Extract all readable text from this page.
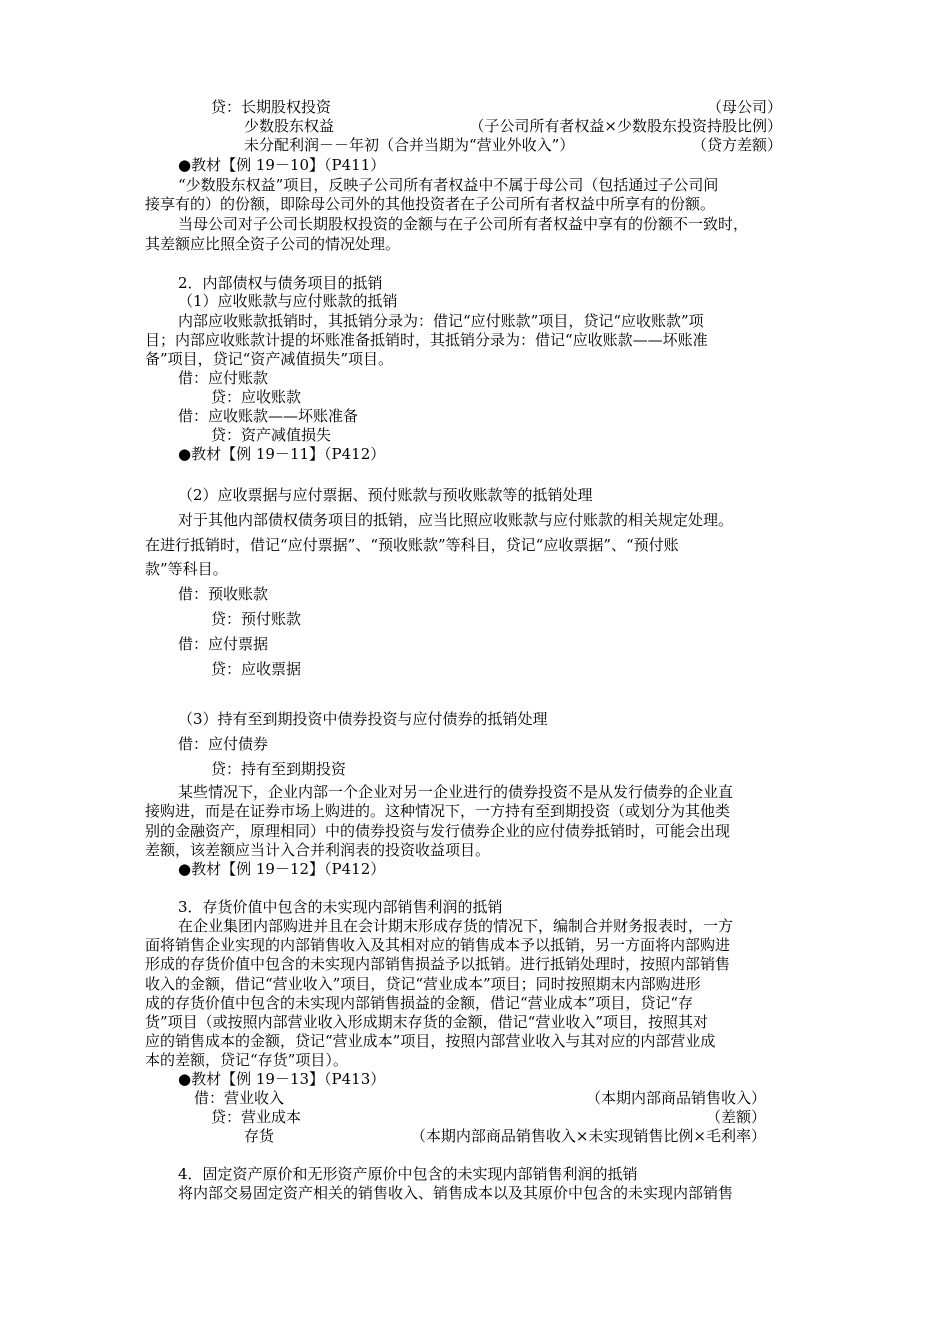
贷：长期股权投资	（母公司）
少数股东权益	（子公司所有者权益×少数股东投资持股比例）
未分配利润－－年初（合并当期为“营业外收入”）	（贷方差额）
●教材【例 19－10】（P411）
“少数股东权益”项目，反映子公司所有者权益中不属于母公司（包括通过子公司间
接享有的）的份额，即除母公司外的其他投资者在子公司所有者权益中所享有的份额。
当母公司对子公司长期股权投资的金额与在子公司所有者权益中享有的份额不一致时，
其差额应比照全资子公司的情况处理。
2．内部债权与债务项目的抵销
（1）应收账款与应付账款的抵销
内部应收账款抵销时，其抵销分录为：借记“应付账款”项目，贷记“应收账款”项
目；内部应收账款计提的坏账准备抵销时，其抵销分录为：借记“应收账款——坏账准
备”项目，贷记“资产减值损失”项目。
借：应付账款
贷：应收账款
借：应收账款——坏账准备
贷：资产减值损失
●教材【例 19－11】（P412）
（2）应收票据与应付票据、预付账款与预收账款等的抵销处理
对于其他内部债权债务项目的抵销，应当比照应收账款与应付账款的相关规定处理。
在进行抵销时，借记“应付票据”、“预收账款”等科目，贷记“应收票据”、“预付账
款”等科目。
借：预收账款
贷：预付账款
借：应付票据
贷：应收票据
（3）持有至到期投资中债券投资与应付债券的抵销处理
借：应付债券
贷：持有至到期投资
某些情况下，企业内部一个企业对另一企业进行的债券投资不是从发行债券的企业直
接购进，而是在证券市场上购进的。这种情况下，一方持有至到期投资（或划分为其他类
别的金融资产，原理相同）中的债券投资与发行债券企业的应付债券抵销时，可能会出现
差额，该差额应当计入合并利润表的投资收益项目。
●教材【例 19－12】（P412）
3．存货价值中包含的未实现内部销售利润的抵销
在企业集团内部购进并且在会计期末形成存货的情况下，编制合并财务报表时，一方
面将销售企业实现的内部销售收入及其相对应的销售成本予以抵销，另一方面将内部购进
形成的存货价值中包含的未实现内部销售损益予以抵销。进行抵销处理时，按照内部销售
收入的金额，借记“营业收入”项目，贷记“营业成本”项目；同时按照期末内部购进形
成的存货价值中包含的未实现内部销售损益的金额，借记“营业成本”项目，贷记“存
货”项目（或按照内部营业收入形成期末存货的金额，借记“营业收入”项目，按照其对
应的销售成本的金额，贷记“营业成本”项目，按照内部营业收入与其对应的内部营业成
本的差额，贷记“存货”项目）。
●教材【例 19－13】（P413）
借：营业收入	（本期内部商品销售收入）
贷：营业成本	（差额）
存货	（本期内部商品销售收入×未实现销售比例×毛利率）
4．固定资产原价和无形资产原价中包含的未实现内部销售利润的抵销
将内部交易固定资产相关的销售收入、销售成本以及其原价中包含的未实现内部销售
